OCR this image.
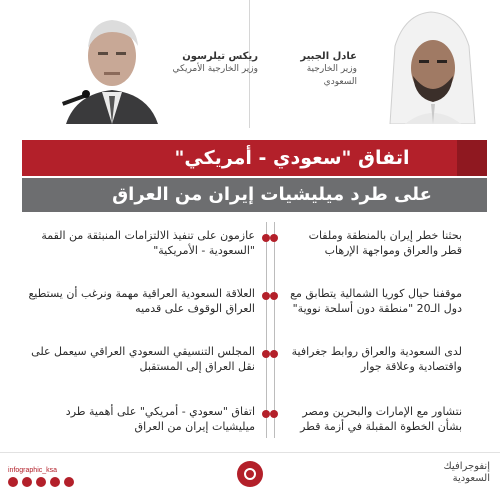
عادل الجبير
وزير الخارجية السعودي
ريكس تيلرسون
وزير الخارجية الأمريكي
اتفاق "سعودي - أمريكي"
على طرد ميليشيات إيران من العراق
بحثنا خطر إيران بالمنطقة وملفات قطر والعراق ومواجهة الإرهاب
موقفنا حيال كوريا الشمالية يتطابق مع دول الـ20 "منطقة دون أسلحة نووية"
لدى السعودية والعراق روابط جغرافية واقتصادية وعلاقة جوار
نتشاور مع الإمارات والبحرين ومصر بشأن الخطوة المقبلة في أزمة قطر
عازمون على تنفيذ الالتزامات المنبثقة من القمة "السعودية - الأمريكية"
العلاقة السعودية العراقية مهمة ونرغب أن يستطيع العراق الوقوف على قدميه
المجلس التنسيقي السعودي العراقي سيعمل على نقل العراق إلى المستقبل
اتفاق "سعودي - أمريكي" على أهمية طرد ميليشيات إيران من العراق
infographic_ksa	إنفوجرافيك
السعودية
